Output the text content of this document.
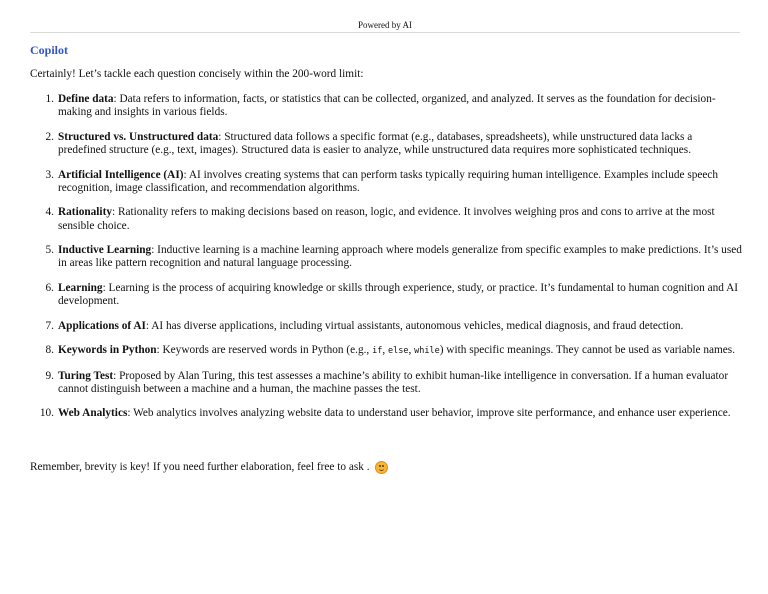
Powered by AI
Copilot
Certainly! Let’s tackle each question concisely within the 200-word limit:
1. Define data: Data refers to information, facts, or statistics that can be collected, organized, and analyzed. It serves as the foundation for decision-making and insights in various fields.
2. Structured vs. Unstructured data: Structured data follows a specific format (e.g., databases, spreadsheets), while unstructured data lacks a predefined structure (e.g., text, images). Structured data is easier to analyze, while unstructured data requires more sophisticated techniques.
3. Artificial Intelligence (AI): AI involves creating systems that can perform tasks typically requiring human intelligence. Examples include speech recognition, image classification, and recommendation algorithms.
4. Rationality: Rationality refers to making decisions based on reason, logic, and evidence. It involves weighing pros and cons to arrive at the most sensible choice.
5. Inductive Learning: Inductive learning is a machine learning approach where models generalize from specific examples to make predictions. It’s used in areas like pattern recognition and natural language processing.
6. Learning: Learning is the process of acquiring knowledge or skills through experience, study, or practice. It’s fundamental to human cognition and AI development.
7. Applications of AI: AI has diverse applications, including virtual assistants, autonomous vehicles, medical diagnosis, and fraud detection.
8. Keywords in Python: Keywords are reserved words in Python (e.g., if, else, while) with specific meanings. They cannot be used as variable names.
9. Turing Test: Proposed by Alan Turing, this test assesses a machine’s ability to exhibit human-like intelligence in conversation. If a human evaluator cannot distinguish between a machine and a human, the machine passes the test.
10. Web Analytics: Web analytics involves analyzing website data to understand user behavior, improve site performance, and enhance user experience.
Remember, brevity is key! If you need further elaboration, feel free to ask .
